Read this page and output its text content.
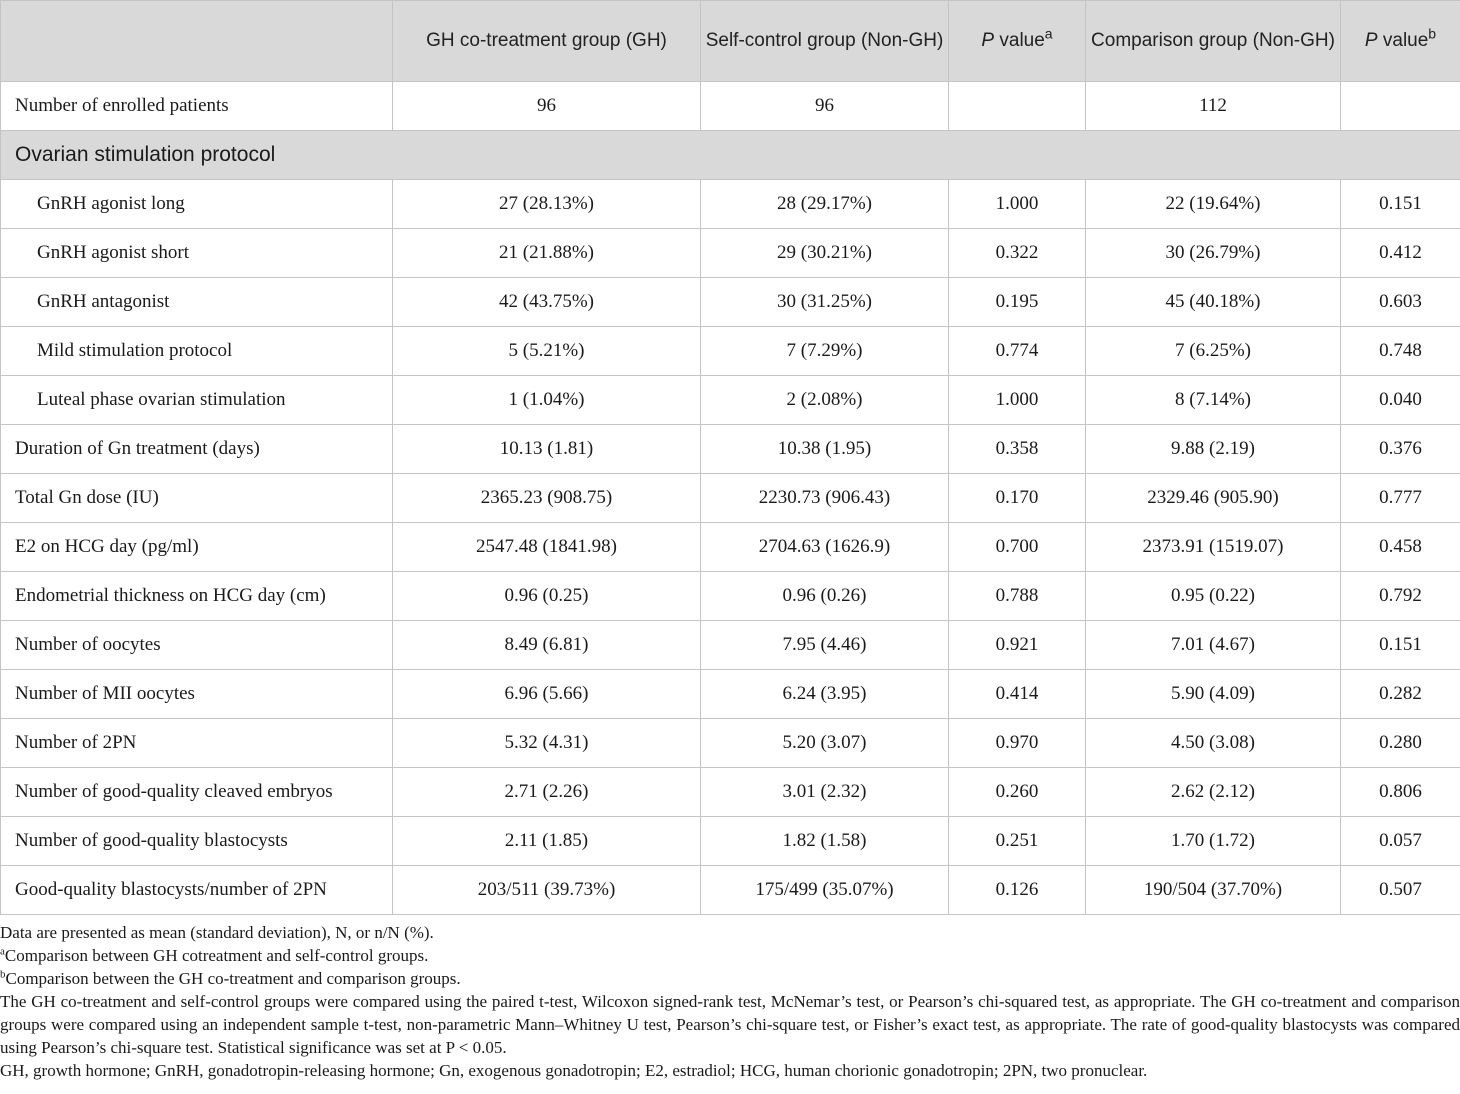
	GH co-treatment group (GH)	Self-control group (Non-GH)	P value$^a$	Comparison group (Non-GH)	P value$^b$
Number of enrolled patients	96	96		112	
Ovarian stimulation protocol					
GnRH agonist long	27 (28.13%)	28 (29.17%)	1.000	22 (19.64%)	0.151
GnRH agonist short	21 (21.88%)	29 (30.21%)	0.322	30 (26.79%)	0.412
GnRH antagonist	42 (43.75%)	30 (31.25%)	0.195	45 (40.18%)	0.603
Mild stimulation protocol	5 (5.21%)	7 (7.29%)	0.774	7 (6.25%)	0.748
Luteal phase ovarian stimulation	1 (1.04%)	2 (2.08%)	1.000	8 (7.14%)	0.040
Duration of Gn treatment (days)	10.13 (1.81)	10.38 (1.95)	0.358	9.88 (2.19)	0.376
Total Gn dose (IU)	2365.23 (908.75)	2230.73 (906.43)	0.170	2329.46 (905.90)	0.777
E2 on HCG day (pg/ml)	2547.48 (1841.98)	2704.63 (1626.9)	0.700	2373.91 (1519.07)	0.458
Endometrial thickness on HCG day (cm)	0.96 (0.25)	0.96 (0.26)	0.788	0.95 (0.22)	0.792
Number of oocytes	8.49 (6.81)	7.95 (4.46)	0.921	7.01 (4.67)	0.151
Number of MII oocytes	6.96 (5.66)	6.24 (3.95)	0.414	5.90 (4.09)	0.282
Number of 2PN	5.32 (4.31)	5.20 (3.07)	0.970	4.50 (3.08)	0.280
Number of good-quality cleaved embryos	2.71 (2.26)	3.01 (2.32)	0.260	2.62 (2.12)	0.806
Number of good-quality blastocysts	2.11 (1.85)	1.82 (1.58)	0.251	1.70 (1.72)	0.057
Good-quality blastocysts/number of 2PN	203/511 (39.73%)	175/499 (35.07%)	0.126	190/504 (37.70%)	0.507

Data are presented as mean (standard deviation), N, or n/N (%).

$^a$Comparison between GH cotreatment and self-control groups.

$^b$Comparison between the GH co-treatment and comparison groups.

The GH co-treatment and self-control groups were compared using the paired t-test, Wilcoxon signed-rank test, McNemar’s test, or Pearson’s chi-squared test, as appropriate. The GH co-treatment and comparison groups were compared using an independent sample t-test, non-parametric Mann–Whitney U test, Pearson’s chi-square test, or Fisher’s exact test, as appropriate. The rate of good-quality blastocysts was compared using Pearson’s chi-square test. Statistical significance was set at P < 0.05.

GH, growth hormone; GnRH, gonadotropin-releasing hormone; Gn, exogenous gonadotropin; E2, estradiol; HCG, human chorionic gonadotropin; 2PN, two pronuclear.
